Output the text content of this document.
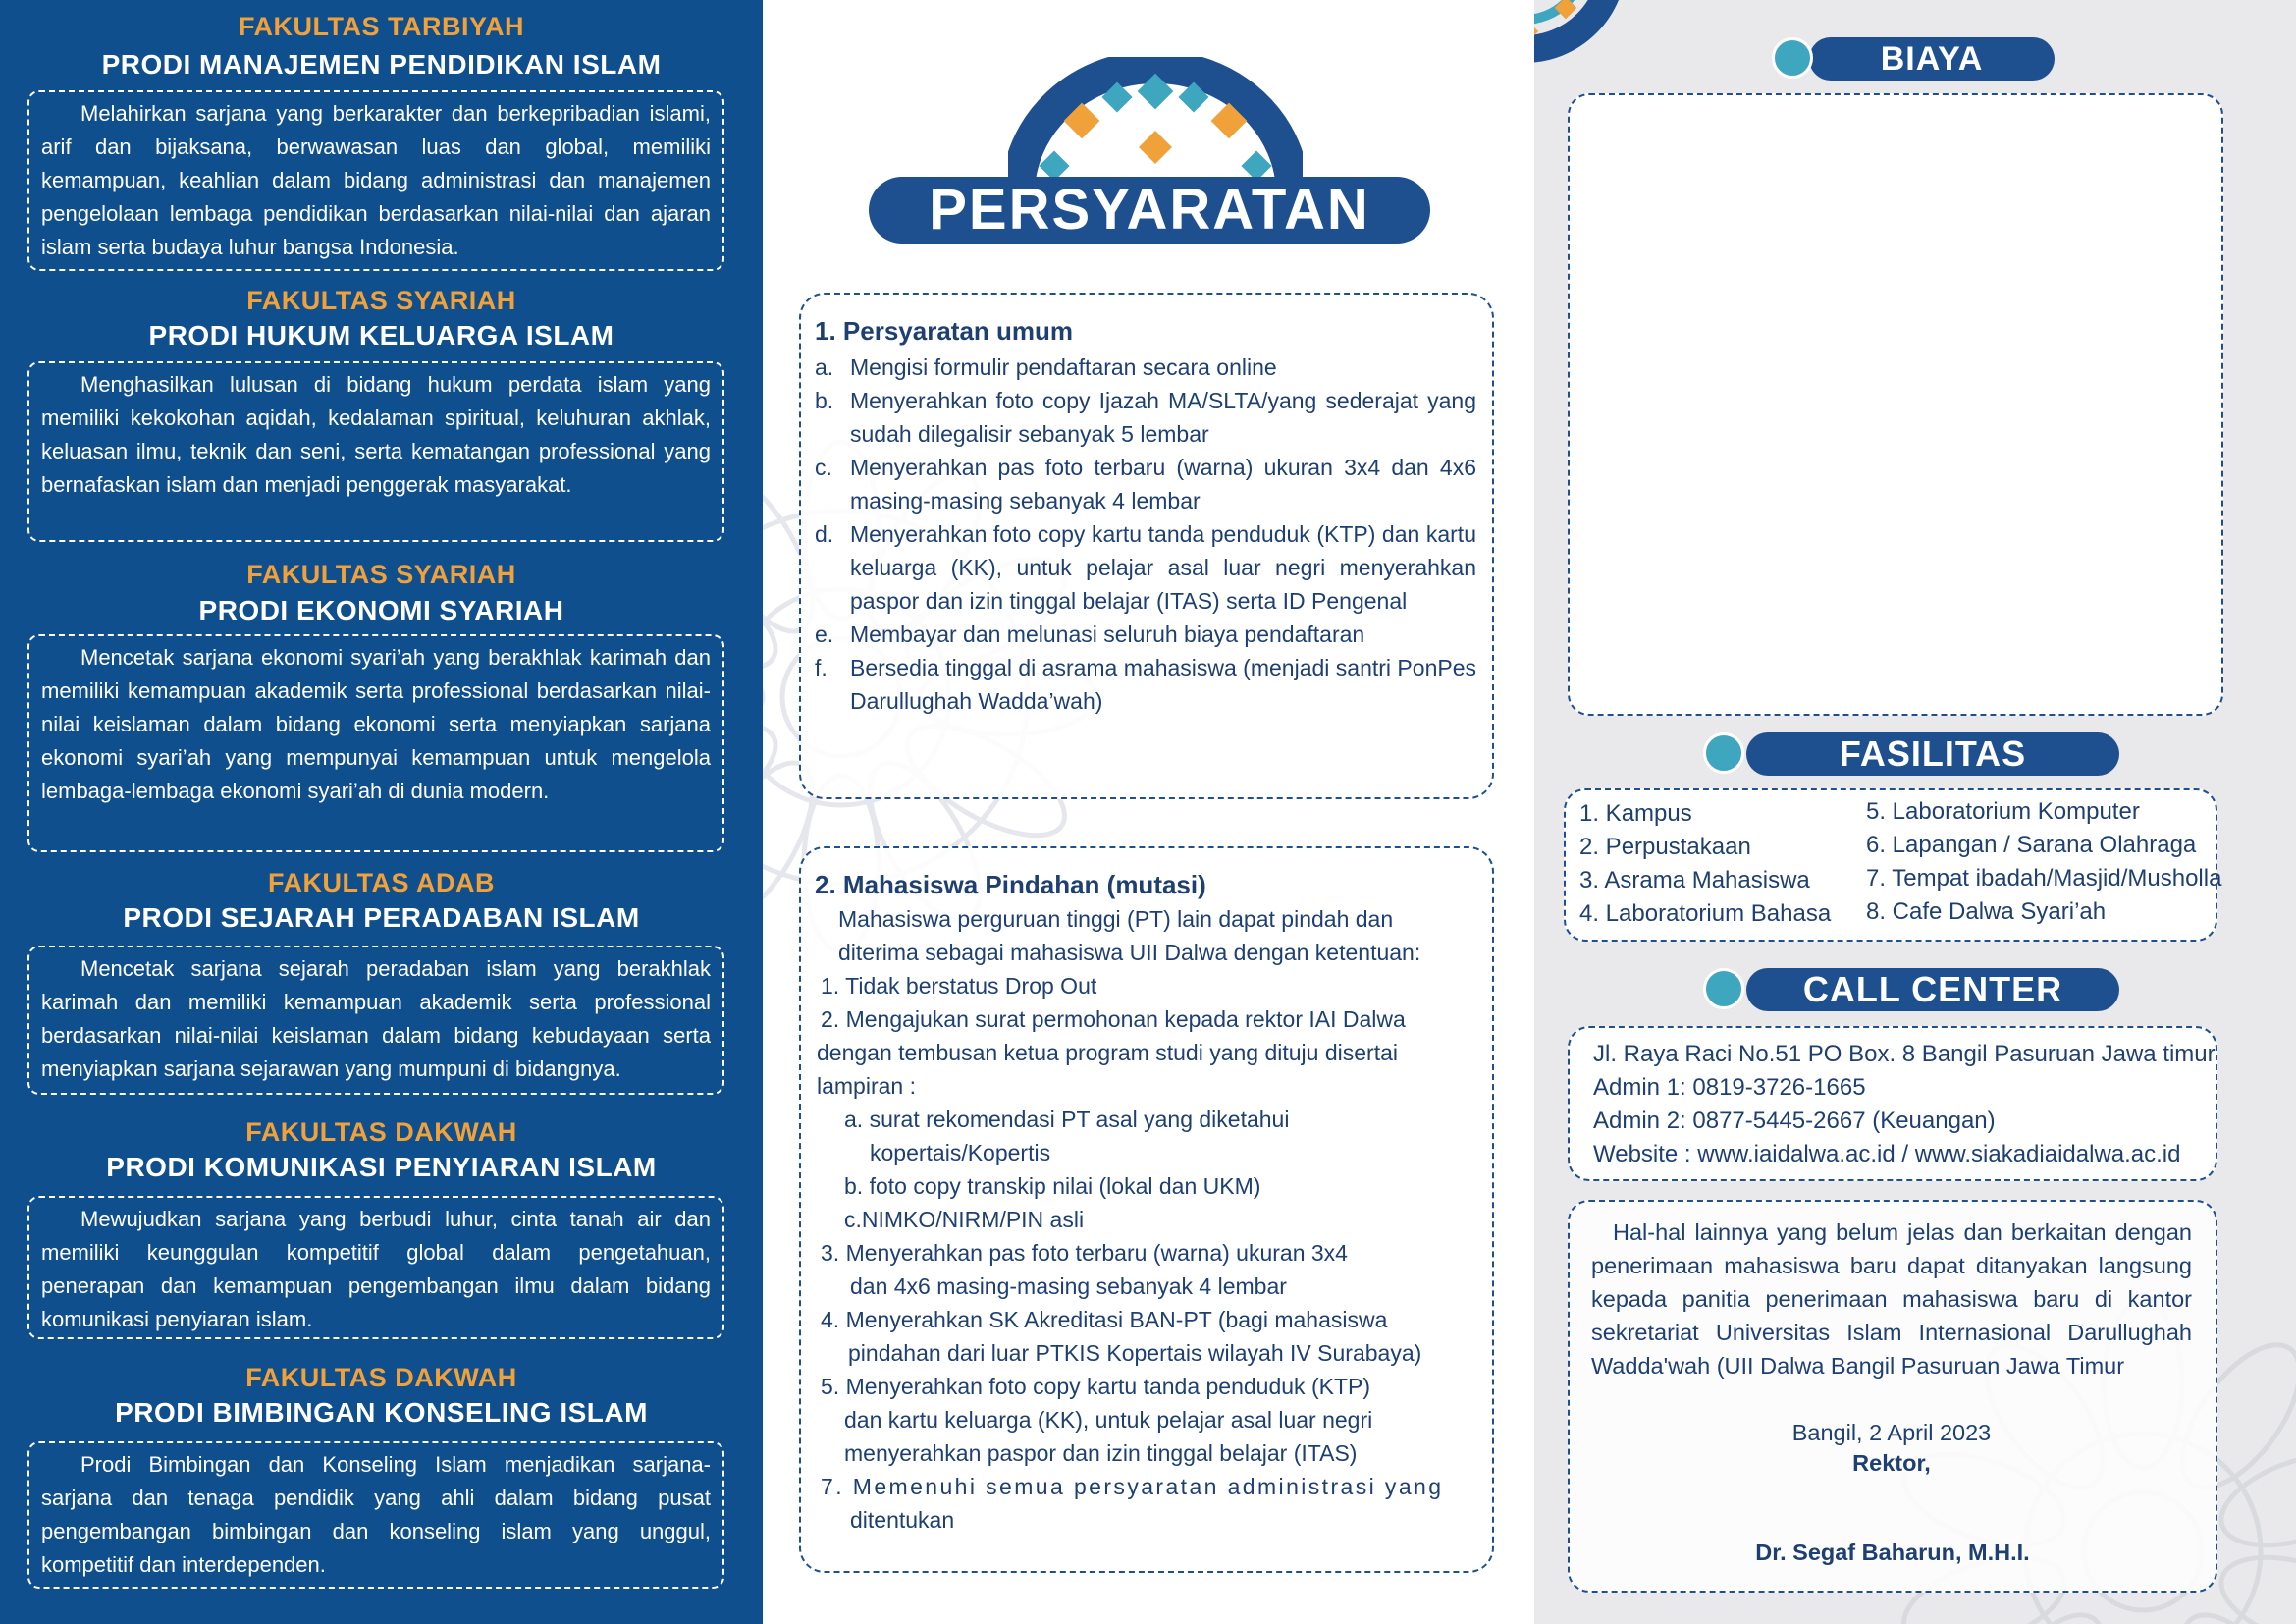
FAKULTAS TARBIYAH
PRODI MANAJEMEN PENDIDIKAN ISLAM

Melahirkan sarjana yang berkarakter dan berkepribadian islami, arif dan bijaksana, berwawasan luas dan global, memiliki kemampuan, keahlian dalam bidang administrasi dan manajemen pengelolaan lembaga pendidikan berdasarkan nilai-nilai dan ajaran islam serta budaya luhur bangsa Indonesia.

FAKULTAS SYARIAH
PRODI HUKUM KELUARGA ISLAM

Menghasilkan lulusan di bidang hukum perdata islam yang memiliki kekokohan aqidah, kedalaman spiritual, keluhuran akhlak, keluasan ilmu, teknik dan seni, serta kematangan professional yang bernafaskan islam dan menjadi penggerak masyarakat.

FAKULTAS SYARIAH
PRODI EKONOMI SYARIAH

Mencetak sarjana ekonomi syari’ah yang berakhlak karimah dan memiliki kemampuan akademik serta professional berdasarkan nilai-nilai keislaman dalam bidang ekonomi serta menyiapkan sarjana ekonomi syari’ah yang mempunyai kemampuan untuk mengelola lembaga-lembaga ekonomi syari’ah di dunia modern.

FAKULTAS ADAB
PRODI SEJARAH PERADABAN ISLAM

Mencetak sarjana sejarah peradaban islam yang berakhlak karimah dan memiliki kemampuan akademik serta professional berdasarkan nilai-nilai keislaman dalam bidang kebudayaan serta menyiapkan sarjana sejarawan yang mumpuni di bidangnya.

FAKULTAS DAKWAH
PRODI KOMUNIKASI PENYIARAN ISLAM

Mewujudkan sarjana yang berbudi luhur, cinta tanah air dan memiliki keunggulan kompetitif global dalam pengetahuan, penerapan dan kemampuan pengembangan ilmu dalam bidang komunikasi penyiaran islam.

FAKULTAS DAKWAH
PRODI BIMBINGAN KONSELING ISLAM

Prodi Bimbingan dan Konseling Islam menjadikan sarjana-sarjana dan tenaga pendidik yang ahli dalam bidang pusat pengembangan bimbingan dan konseling islam yang unggul, kompetitif dan interdependen.

PERSYARATAN
1. Persyaratan umum
a. Mengisi formulir pendaftaran secara online
b. Menyerahkan foto copy Ijazah MA/SLTA/yang sederajat yang sudah dilegalisir sebanyak 5 lembar
c. Menyerahkan pas foto terbaru (warna) ukuran 3x4 dan 4x6 masing-masing sebanyak 4 lembar
d. Menyerahkan foto copy kartu tanda penduduk (KTP) dan kartu keluarga (KK), untuk pelajar asal luar negri menyerahkan paspor dan izin tinggal belajar (ITAS) serta ID Pengenal
e. Membayar dan melunasi seluruh biaya pendaftaran
f.	Bersedia tinggal di asrama mahasiswa (menjadi santri PonPes Darullughah Wadda’wah)
2. Mahasiswa Pindahan (mutasi)
Mahasiswa perguruan tinggi (PT) lain dapat pindah dan
diterima sebagai mahasiswa UII Dalwa dengan ketentuan:
1. Tidak berstatus Drop Out
2. Mengajukan surat permohonan kepada rektor IAI Dalwa
dengan tembusan ketua program studi yang dituju disertai
lampiran :
a. surat rekomendasi PT asal yang diketahui
kopertais/Kopertis
b. foto copy transkip nilai (lokal dan UKM)
c.NIMKO/NIRM/PIN asli
3. Menyerahkan pas foto terbaru (warna) ukuran 3x4
dan 4x6 masing-masing sebanyak 4 lembar
4. Menyerahkan SK Akreditasi BAN-PT (bagi mahasiswa
pindahan dari luar PTKIS Kopertais wilayah IV Surabaya)
5. Menyerahkan foto copy kartu tanda penduduk (KTP)
dan kartu keluarga (KK), untuk pelajar asal luar negri
menyerahkan paspor dan izin tinggal belajar (ITAS)
7. Memenuhi semua persyaratan administrasi yang
ditentukan
BIAYA
FASILITAS
1. Kampus
2. Perpustakaan
3. Asrama Mahasiswa
4. Laboratorium Bahasa
5. Laboratorium Komputer
6. Lapangan / Sarana Olahraga
7. Tempat ibadah/Masjid/Musholla
8. Cafe Dalwa Syari’ah
CALL CENTER
Jl. Raya Raci No.51 PO Box. 8 Bangil Pasuruan Jawa timur
Admin 1: 0819-3726-1665
Admin 2: 0877-5445-2667 (Keuangan)
Website : www.iaidalwa.ac.id / www.siakadiaidalwa.ac.id
Hal-hal lainnya yang belum jelas dan berkaitan dengan penerimaan mahasiswa baru dapat ditanyakan langsung kepada panitia penerimaan mahasiswa baru di kantor sekretariat Universitas Islam Internasional Darullughah Wadda'wah (UII Dalwa Bangil Pasuruan Jawa Timur
Bangil, 2 April 2023
Rektor,
Dr. Segaf Baharun, M.H.I.
